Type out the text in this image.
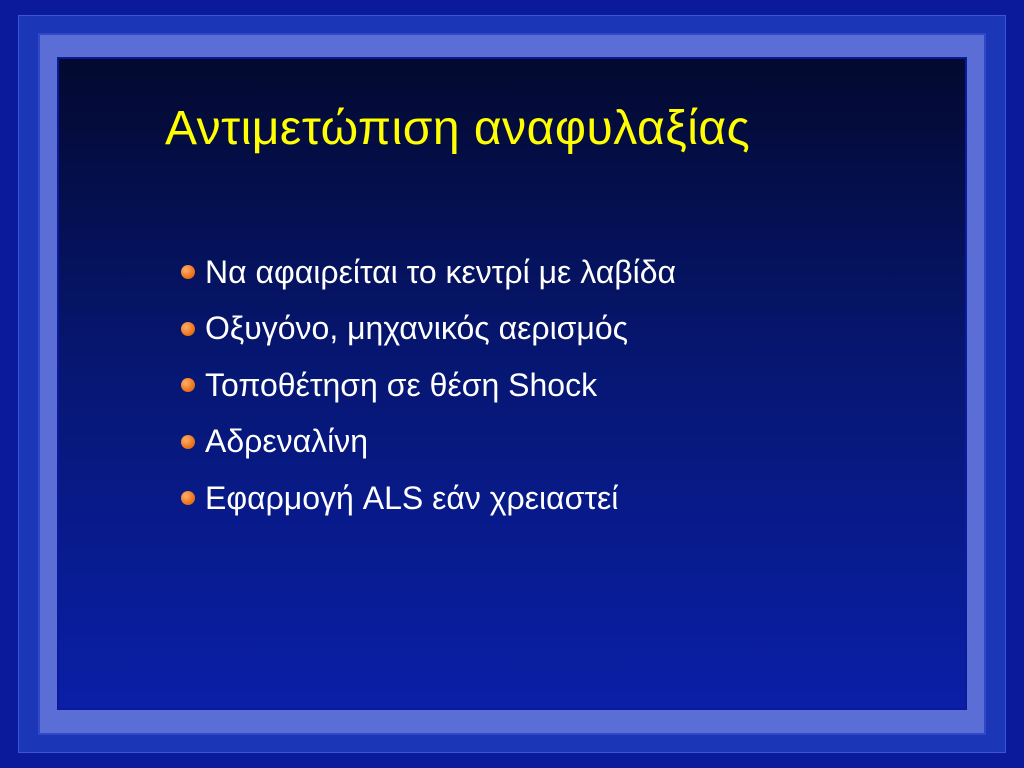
Αντιμετώπιση αναφυλαξίας
Να αφαιρείται το κεντρί με λαβίδα
Οξυγόνο, μηχανικός αερισμός
Τοποθέτηση σε θέση Shock
Αδρεναλίνη
Εφαρμογή ALS εάν χρειαστεί
